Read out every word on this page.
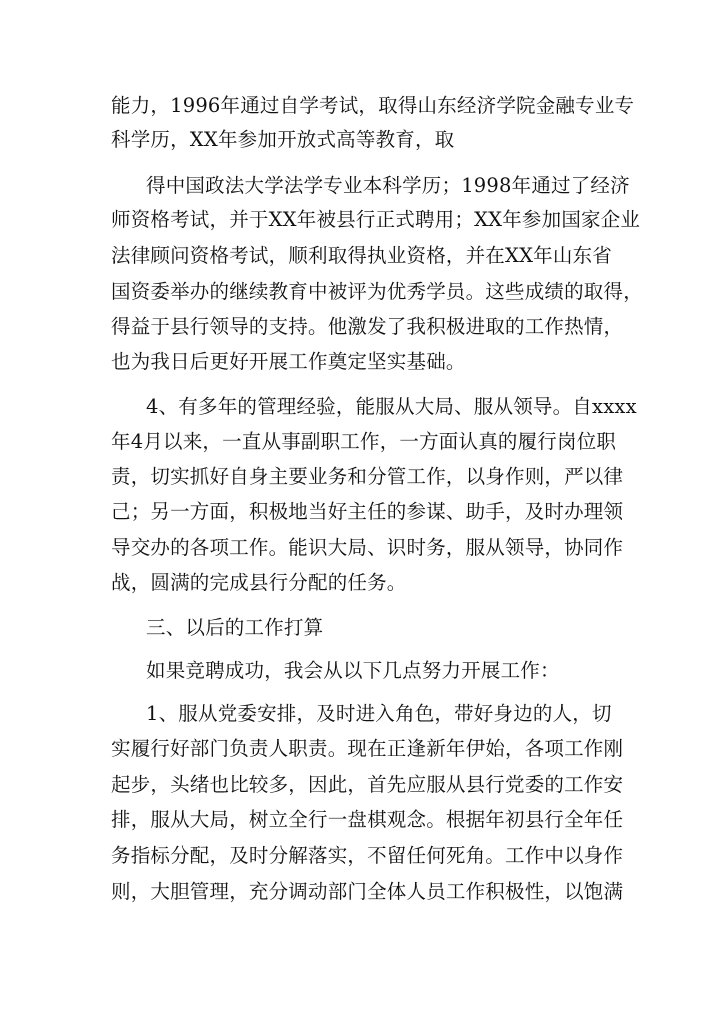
能力，1996年通过自学考试，取得山东经济学院金融专业专
科学历，XX年参加开放式高等教育，取
得中国政法大学法学专业本科学历；1998年通过了经济
师资格考试，并于XX年被县行正式聘用；XX年参加国家企业
法律顾问资格考试，顺利取得执业资格，并在XX年山东省
国资委举办的继续教育中被评为优秀学员。这些成绩的取得，
得益于县行领导的支持。他激发了我积极进取的工作热情，
也为我日后更好开展工作奠定坚实基础。
4、有多年的管理经验，能服从大局、服从领导。自xxxx
年4月以来，一直从事副职工作，一方面认真的履行岗位职
责，切实抓好自身主要业务和分管工作，以身作则，严以律
己；另一方面，积极地当好主任的参谋、助手，及时办理领
导交办的各项工作。能识大局、识时务，服从领导，协同作
战，圆满的完成县行分配的任务。
三、以后的工作打算
如果竞聘成功，我会从以下几点努力开展工作：
1、服从党委安排，及时进入角色，带好身边的人，切
实履行好部门负责人职责。现在正逢新年伊始，各项工作刚
起步，头绪也比较多，因此，首先应服从县行党委的工作安
排，服从大局，树立全行一盘棋观念。根据年初县行全年任
务指标分配，及时分解落实，不留任何死角。工作中以身作
则，大胆管理，充分调动部门全体人员工作积极性，以饱满
